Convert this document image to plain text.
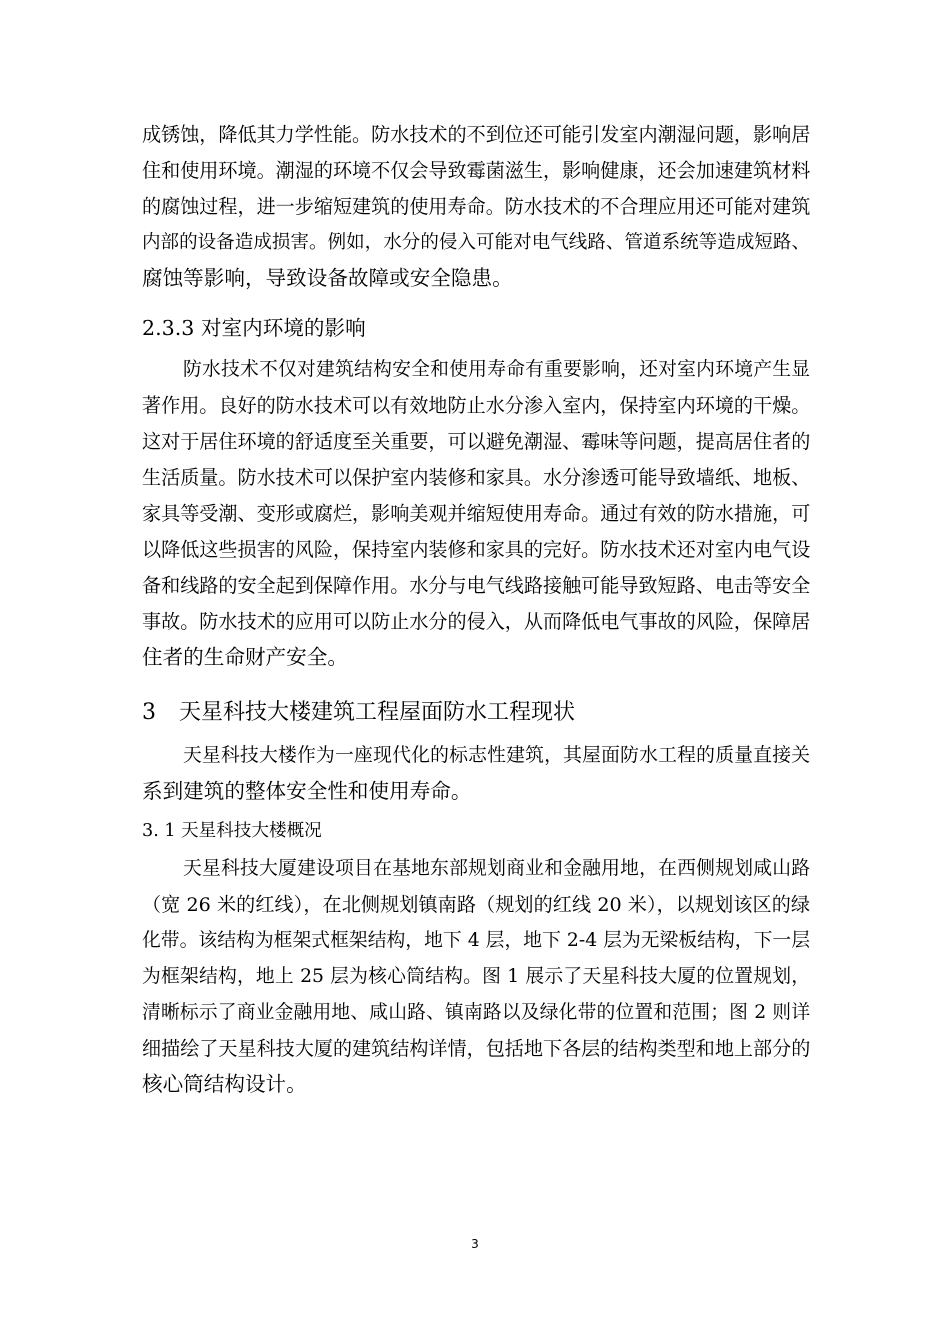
成锈蚀，降低其力学性能。防水技术的不到位还可能引发室内潮湿问题，影响居
住和使用环境。潮湿的环境不仅会导致霉菌滋生，影响健康，还会加速建筑材料
的腐蚀过程，进一步缩短建筑的使用寿命。防水技术的不合理应用还可能对建筑
内部的设备造成损害。例如，水分的侵入可能对电气线路、管道系统等造成短路、
腐蚀等影响，导致设备故障或安全隐患。
2.3.3 对室内环境的影响
防水技术不仅对建筑结构安全和使用寿命有重要影响，还对室内环境产生显
著作用。良好的防水技术可以有效地防止水分渗入室内，保持室内环境的干燥。
这对于居住环境的舒适度至关重要，可以避免潮湿、霉味等问题，提高居住者的
生活质量。防水技术可以保护室内装修和家具。水分渗透可能导致墙纸、地板、
家具等受潮、变形或腐烂，影响美观并缩短使用寿命。通过有效的防水措施，可
以降低这些损害的风险，保持室内装修和家具的完好。防水技术还对室内电气设
备和线路的安全起到保障作用。水分与电气线路接触可能导致短路、电击等安全
事故。防水技术的应用可以防止水分的侵入，从而降低电气事故的风险，保障居
住者的生命财产安全。
3 天星科技大楼建筑工程屋面防水工程现状
天星科技大楼作为一座现代化的标志性建筑，其屋面防水工程的质量直接关
系到建筑的整体安全性和使用寿命。
3. 1 天星科技大楼概况
天星科技大厦建设项目在基地东部规划商业和金融用地，在西侧规划咸山路
（宽 26 米的红线），在北侧规划镇南路（规划的红线 20 米），以规划该区的绿
化带。该结构为框架式框架结构，地下 4 层，地下 2-4 层为无梁板结构，下一层
为框架结构，地上 25 层为核心筒结构。图 1 展示了天星科技大厦的位置规划，
清晰标示了商业金融用地、咸山路、镇南路以及绿化带的位置和范围；图 2 则详
细描绘了天星科技大厦的建筑结构详情，包括地下各层的结构类型和地上部分的
核心筒结构设计。
3
